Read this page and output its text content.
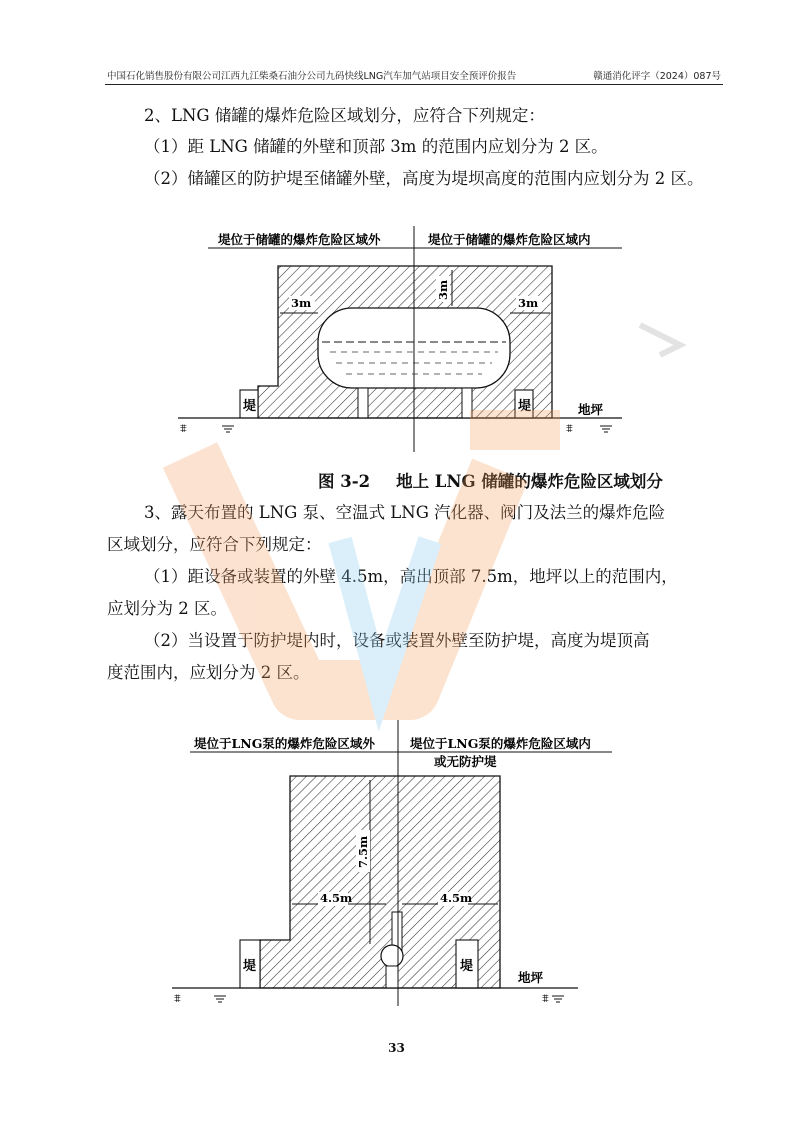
中国石化销售股份有限公司江西九江柴桑石油分公司九码快线LNG汽车加气站项目安全预评价报告	赣通消化评字（2024）087号
2、LNG 储罐的爆炸危险区域划分，应符合下列规定：
（1）距 LNG 储罐的外壁和顶部 3m 的范围内应划分为 2 区。
（2）储罐区的防护堤至储罐外壁，高度为堤坝高度的范围内应划分为 2 区。
堤位于储罐的爆炸危险区域外	堤位于储罐的爆炸危险区域内
堤	堤
3m	3m
3m
地坪
⩨	⩨
图 3-2 地上 LNG 储罐的爆炸危险区域划分
3、露天布置的 LNG 泵、空温式 LNG 汽化器、阀门及法兰的爆炸危险
区域划分，应符合下列规定：
（1）距设备或装置的外壁 4.5m，高出顶部 7.5m，地坪以上的范围内，
应划分为 2 区。
（2）当设置于防护堤内时，设备或装置外壁至防护堤，高度为堤顶高
度范围内，应划分为 2 区。
堤位于LNG泵的爆炸危险区域外	堤位于LNG泵的爆炸危险区域内
或无防护堤
堤	堤
7.5m
4.5m	4.5m
地坪
⩨	⩨
33
